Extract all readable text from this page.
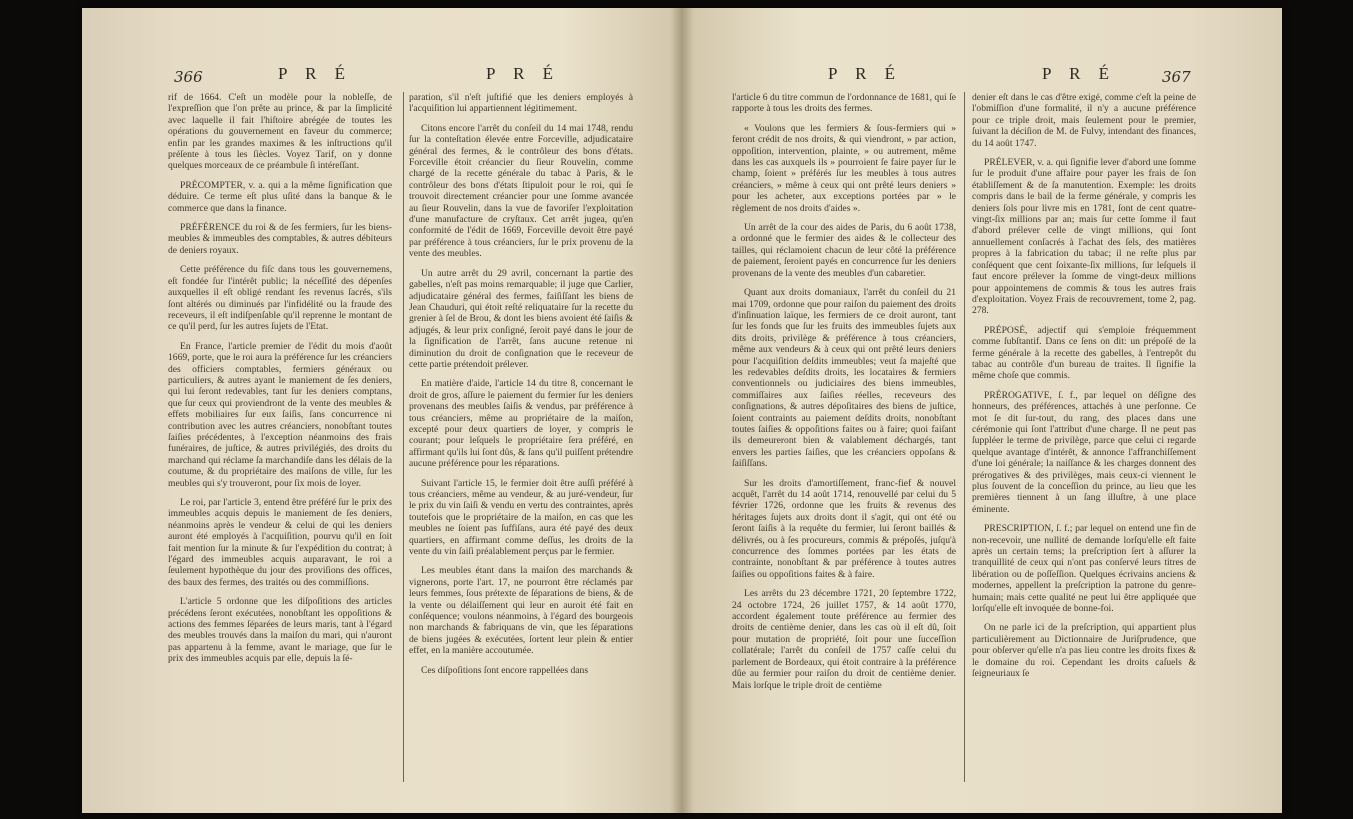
366	P R É	P R É

rif de 1664. C'eſt un modèle pour la nobleſſe, de l'expreſſion que l'on prête au prince, & par la ſimplicité avec laquelle il fait l'hiſtoire abrégée de toutes les opérations du gouvernement en faveur du commerce; enfin par les grandes maximes & les inſtructions qu'il préſente à tous les ſiècles. Voyez Tarif, on y donne quelques morceaux de ce préambule ſi intéreſſant.

PRÉCOMPTER, v. a. qui a la même ſignification que déduire. Ce terme eſt plus uſité dans la banque & le commerce que dans la finance.

PRÉFÉRENCE du roi & de ſes fermiers, ſur les biens-meubles & immeubles des comptables, & autres débiteurs de deniers royaux.

Cette préférence du fiſc dans tous les gouvernemens, eſt fondée ſur l'intérêt public; la néceſſité des dépenſes auxquelles il eſt obligé rendant ſes revenus ſacrés, s'ils ſont altérés ou diminués par l'infidélité ou la fraude des receveurs, il eſt indiſpenſable qu'il reprenne le montant de ce qu'il perd, ſur les autres ſujets de l'Etat.

En France, l'article premier de l'édit du mois d'août 1669, porte, que le roi aura la préférence ſur les créanciers des officiers comptables, fermiers généraux ou particuliers, & autres ayant le maniement de ſes deniers, qui lui ſeront redevables, tant ſur les deniers comptans, que ſur ceux qui proviendront de la vente des meubles & effets mobiliaires ſur eux ſaiſis, ſans concurrence ni contribution avec les autres créanciers, nonobſtant toutes ſaiſies précédentes, à l'exception néanmoins des frais funéraires, de juſtice, & autres privilégiés, des droits du marchand qui réclame ſa marchandiſe dans les délais de la coutume, & du propriétaire des maiſons de ville, ſur les meubles qui s'y trouveront, pour ſix mois de loyer.

Le roi, par l'article 3, entend être préféré ſur le prix des immeubles acquis depuis le maniement de ſes deniers, néanmoins après le vendeur & celui de qui les deniers auront été employés à l'acquiſition, pourvu qu'il en ſoit fait mention ſur la minute & ſur l'expédition du contrat; à l'égard des immeubles acquis auparavant, le roi a ſeulement hypothèque du jour des proviſions des offices, des baux des fermes, des traités ou des commiſſions.

L'article 5 ordonne que les diſpoſitions des articles précédens ſeront exécutées, nonobſtant les oppoſitions & actions des femmes ſéparées de leurs maris, tant à l'égard des meubles trouvés dans la maiſon du mari, qui n'auront pas appartenu à la femme, avant le mariage, que ſur le prix des immeubles acquis par elle, depuis la ſé-

paration, s'il n'eſt juſtifié que les deniers employés à l'acquiſition lui appartiennent légitimement.

Citons encore l'arrêt du conſeil du 14 mai 1748, rendu ſur la conteſtation élevée entre Forceville, adjudicataire général des fermes, & le contrôleur des bons d'états. Forceville étoit créancier du ſieur Rouvelin, comme chargé de la recette générale du tabac à Paris, & le contrôleur des bons d'états ſtipuloit pour le roi, qui ſe trouvoit directement créancier pour une ſomme avancée au ſieur Rouvelin, dans la vue de favoriſer l'exploitation d'une manufacture de cryſtaux. Cet arrêt jugea, qu'en conformité de l'édit de 1669, Forceville devoit être payé par préférence à tous créanciers, ſur le prix provenu de la vente des meubles.

Un autre arrêt du 29 avril, concernant la partie des gabelles, n'eſt pas moins remarquable; il juge que Carlier, adjudicataire général des fermes, faiſiſſant les biens de Jean Chauduri, qui étoit reſté reliquataire ſur la recette du grenier à ſel de Brou, & dont les biens avoient été ſaiſis & adjugés, & leur prix conſigné, ſeroit payé dans le jour de la ſignification de l'arrêt, ſans aucune retenue ni diminution du droit de conſignation que le receveur de cette partie prétendoit prélever.

En matière d'aide, l'article 14 du titre 8, concernant le droit de gros, aſſure le paiement du fermier ſur les deniers provenans des meubles ſaiſis & vendus, par préférence à tous créanciers, même au propriétaire de la maiſon, excepté pour deux quartiers de loyer, y compris le courant; pour leſquels le propriétaire ſera préféré, en affirmant qu'ils lui ſont dûs, & ſans qu'il puiſſent prétendre aucune préférence pour les réparations.

Suivant l'article 15, le fermier doit être auſſi préféré à tous créanciers, même au vendeur, & au juré-vendeur, ſur le prix du vin ſaiſi & vendu en vertu des contraintes, après toutefois que le propriétaire de la maiſon, en cas que les meubles ne ſoient pas ſuffiſans, aura été payé des deux quartiers, en affirmant comme deſſus, les droits de la vente du vin ſaiſi préalablement perçus par le fermier.

Les meubles étant dans la maiſon des marchands & vignerons, porte l'art. 17, ne pourront être réclamés par leurs femmes, ſous prétexte de ſéparations de biens, & de la vente ou délaiſſement qui leur en auroit été fait en conſéquence; voulons néanmoins, à l'égard des bourgeois non marchands & fabriquans de vin, que les ſéparations de biens jugées & exécutées, ſortent leur plein & entier effet, en la manière accoutumée.

Ces diſpoſitions ſont encore rappellées dans

P R É	P R É	367

l'article 6 du titre commun de l'ordonnance de 1681, qui ſe rapporte à tous les droits des fermes.

« Voulons que les fermiers & ſous-fermiers qui » feront crédit de nos droits, & qui viendront, » par action, oppoſition, intervention, plainte, » ou autrement, même dans les cas auxquels ils » pourroient ſe faire payer ſur le champ, ſoient » préférés ſur les meubles à tous autres créanciers, » même à ceux qui ont prêté leurs deniers » pour les acheter, aux exceptions portées par » le règlement de nos droits d'aides ».

Un arrêt de la cour des aides de Paris, du 6 août 1738, a ordonné que le fermier des aides & le collecteur des tailles, qui réclamoient chacun de leur côté la préférence de paiement, ſeroient payés en concurrence ſur les deniers provenans de la vente des meubles d'un cabaretier.

Quant aux droits domaniaux, l'arrêt du conſeil du 21 mai 1709, ordonne que pour raiſon du paiement des droits d'inſinuation laïque, les fermiers de ce droit auront, tant ſur les fonds que ſur les fruits des immeubles ſujets aux dits droits, privilège & préférence à tous créanciers, même aux vendeurs & à ceux qui ont prêté leurs deniers pour l'acquiſition deſdits immeubles; veut ſa majeſté que les redevables deſdits droits, les locataires & fermiers conventionnels ou judiciaires des biens immeubles, commiſſaires aux ſaiſies réelles, receveurs des conſignations, & autres dépoſitaires des biens de juſtice, ſoient contraints au paiement deſdits droits, nonobſtant toutes ſaiſies & oppoſitions faites ou à faire; quoi faiſant ils demeureront bien & valablement déchargés, tant envers les parties ſaiſies, que les créanciers oppoſans & ſaiſiſſans.

Sur les droits d'amortiſſement, franc-fief & nouvel acquêt, l'arrêt du 14 août 1714, renouvellé par celui du 5 février 1726, ordonne que les fruits & revenus des héritages ſujets aux droits dont il s'agit, qui ont été ou ſeront ſaiſis à la requête du fermier, lui ſeront baillés & délivrés, ou à ſes procureurs, commis & prépoſés, juſqu'à concurrence des ſommes portées par les états de contrainte, nonobſtant & par préférence à toutes autres ſaiſies ou oppoſitions faites & à faire.

Les arrêts du 23 décembre 1721, 20 ſeptembre 1722, 24 octobre 1724, 26 juillet 1757, & 14 août 1770, accordent également toute préférence au fermier des droits de centième denier, dans les cas où il eſt dû, ſoit pour mutation de propriété, ſoit pour une ſucceſſion collatérale; l'arrêt du conſeil de 1757 caſſe celui du parlement de Bordeaux, qui étoit contraire à la préférence dûe au fermier pour raiſon du droit de centième denier. Mais lorſque le triple droit de centième

denier eſt dans le cas d'être exigé, comme c'eſt la peine de l'obmiſſion d'une formalité, il n'y a aucune préférence pour ce triple droit, mais ſeulement pour le premier, ſuivant la déciſion de M. de Fulvy, intendant des finances, du 14 août 1747.

PRÉLEVER, v. a. qui ſignifie lever d'abord une ſomme ſur le produit d'une affaire pour payer les frais de ſon établiſſement & de ſa manutention. Exemple: les droits compris dans le bail de la ferme générale, y compris les deniers ſols pour livre mis en 1781, ſont de cent quatre-vingt-ſix millions par an; mais ſur cette ſomme il faut d'abord prélever celle de vingt millions, qui ſont annuellement conſacrés à l'achat des ſels, des matières propres à la fabrication du tabac; il ne reſte plus par conſéquent que cent ſoixante-ſix millions, ſur leſquels il faut encore prélever la ſomme de vingt-deux millions pour appointemens de commis & tous les autres frais d'exploitation. Voyez Frais de recouvrement, tome 2, pag. 278.

PRÉPOSÉ, adjectif qui s'emploie fréquemment comme ſubſtantif. Dans ce ſens on dit: un prépoſé de la ferme générale à la recette des gabelles, à l'entrepôt du tabac au contrôle d'un bureau de traites. Il ſignifie la même choſe que commis.

PRÉROGATIVE, ſ. f., par lequel on déſigne des honneurs, des préférences, attachés à une perſonne. Ce mot ſe dit ſur-tout, du rang, des places dans une cérémonie qui ſont l'attribut d'une charge. Il ne peut pas ſuppléer le terme de privilège, parce que celui ci regarde quelque avantage d'intérêt, & annonce l'affranchiſſement d'une loi générale; la naiſſance & les charges donnent des prérogatives & des privilèges, mais ceux-ci viennent le plus ſouvent de la conceſſion du prince, au lieu que les premières tiennent à un ſang illuſtre, à une place éminente.

PRESCRIPTION, ſ. f.; par lequel on entend une fin de non-recevoir, une nullité de demande lorſqu'elle eſt faite après un certain tems; la preſcription ſert à aſſurer la tranquillité de ceux qui n'ont pas conſervé leurs titres de libération ou de poſſeſſion. Quelques écrivains anciens & modernes, appellent la preſcription la patrone du genre-humain; mais cette qualité ne peut lui être appliquée que lorſqu'elle eſt invoquée de bonne-foi.

On ne parle ici de la preſcription, qui appartient plus particulièrement au Dictionnaire de Juriſprudence, que pour obſerver qu'elle n'a pas lieu contre les droits fixes & le domaine du roi. Cependant les droits caſuels & ſeigneuriaux ſe
